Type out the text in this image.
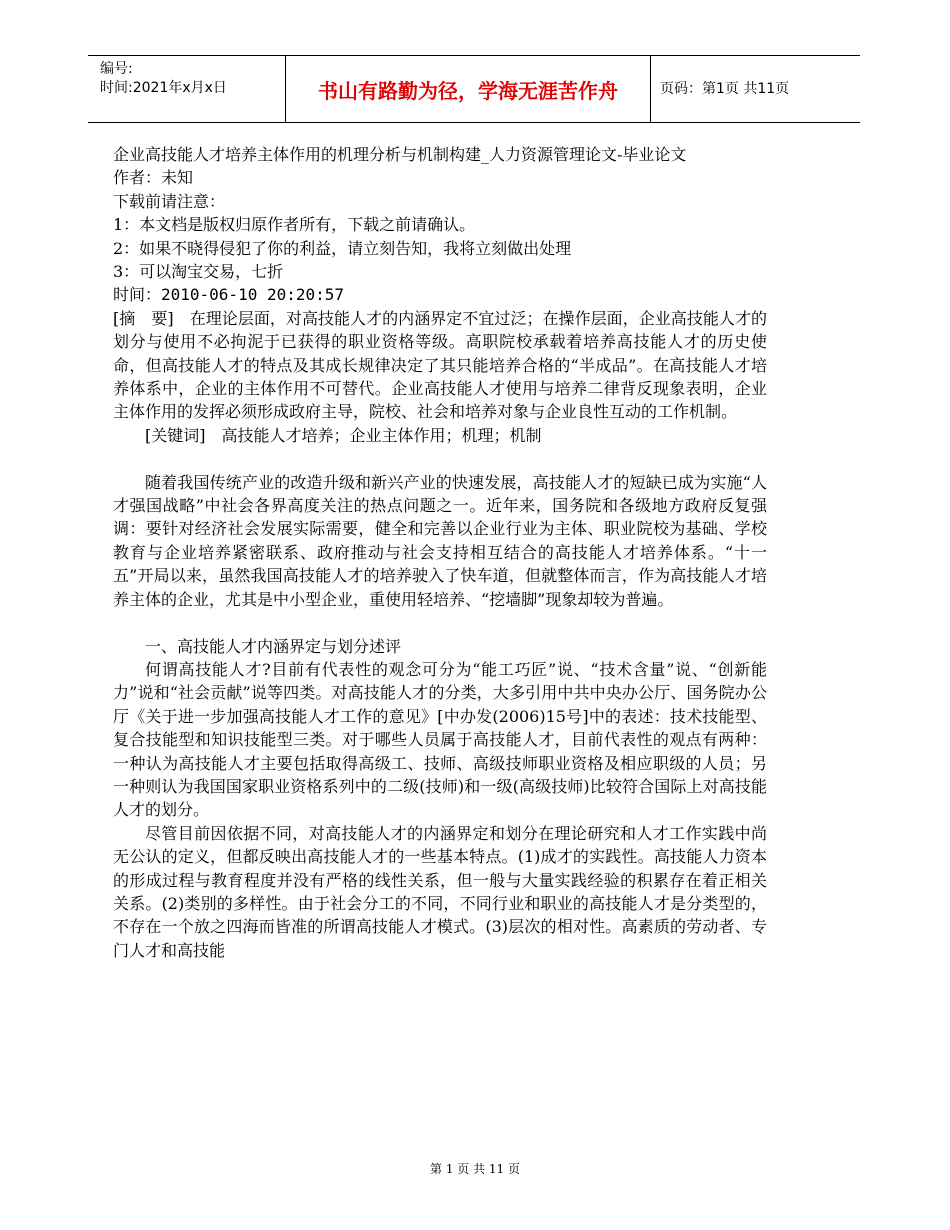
编号:
时间:2021年x月x日	书山有路勤为径，学海无涯苦作舟	页码：第1页 共11页

企业高技能人才培养主体作用的机理分析与机制构建_人力资源管理论文-毕业论文

作者：未知

下载前请注意：

1：本文档是版权归原作者所有，下载之前请确认。

2：如果不晓得侵犯了你的利益，请立刻告知，我将立刻做出处理

3：可以淘宝交易，七折

时间：2010-06-10 20:20:57

[摘　要]　在理论层面，对高技能人才的内涵界定不宜过泛；在操作层面，企业高技能人才的划分与使用不必拘泥于已获得的职业资格等级。高职院校承载着培养高技能人才的历史使命，但高技能人才的特点及其成长规律决定了其只能培养合格的“半成品”。在高技能人才培养体系中，企业的主体作用不可替代。企业高技能人才使用与培养二律背反现象表明，企业主体作用的发挥必须形成政府主导，院校、社会和培养对象与企业良性互动的工作机制。

[关键词]　高技能人才培养；企业主体作用；机理；机制

随着我国传统产业的改造升级和新兴产业的快速发展，高技能人才的短缺已成为实施“人才强国战略”中社会各界高度关注的热点问题之一。近年来，国务院和各级地方政府反复强调：要针对经济社会发展实际需要，健全和完善以企业行业为主体、职业院校为基础、学校教育与企业培养紧密联系、政府推动与社会支持相互结合的高技能人才培养体系。“十一五”开局以来，虽然我国高技能人才的培养驶入了快车道，但就整体而言，作为高技能人才培养主体的企业，尤其是中小型企业，重使用轻培养、“挖墙脚”现象却较为普遍。

一、高技能人才内涵界定与划分述评

何谓高技能人才?目前有代表性的观念可分为“能工巧匠”说、“技术含量”说、“创新能力”说和“社会贡献”说等四类。对高技能人才的分类，大多引用中共中央办公厅、国务院办公厅《关于进一步加强高技能人才工作的意见》[中办发(2006)15号]中的表述：技术技能型、复合技能型和知识技能型三类。对于哪些人员属于高技能人才，目前代表性的观点有两种：一种认为高技能人才主要包括取得高级工、技师、高级技师职业资格及相应职级的人员；另一种则认为我国国家职业资格系列中的二级(技师)和一级(高级技师)比较符合国际上对高技能人才的划分。

尽管目前因依据不同，对高技能人才的内涵界定和划分在理论研究和人才工作实践中尚无公认的定义，但都反映出高技能人才的一些基本特点。(1)成才的实践性。高技能人力资本的形成过程与教育程度并没有严格的线性关系，但一般与大量实践经验的积累存在着正相关关系。(2)类别的多样性。由于社会分工的不同，不同行业和职业的高技能人才是分类型的，不存在一个放之四海而皆准的所谓高技能人才模式。(3)层次的相对性。高素质的劳动者、专门人才和高技能

第 1 页 共 11 页
